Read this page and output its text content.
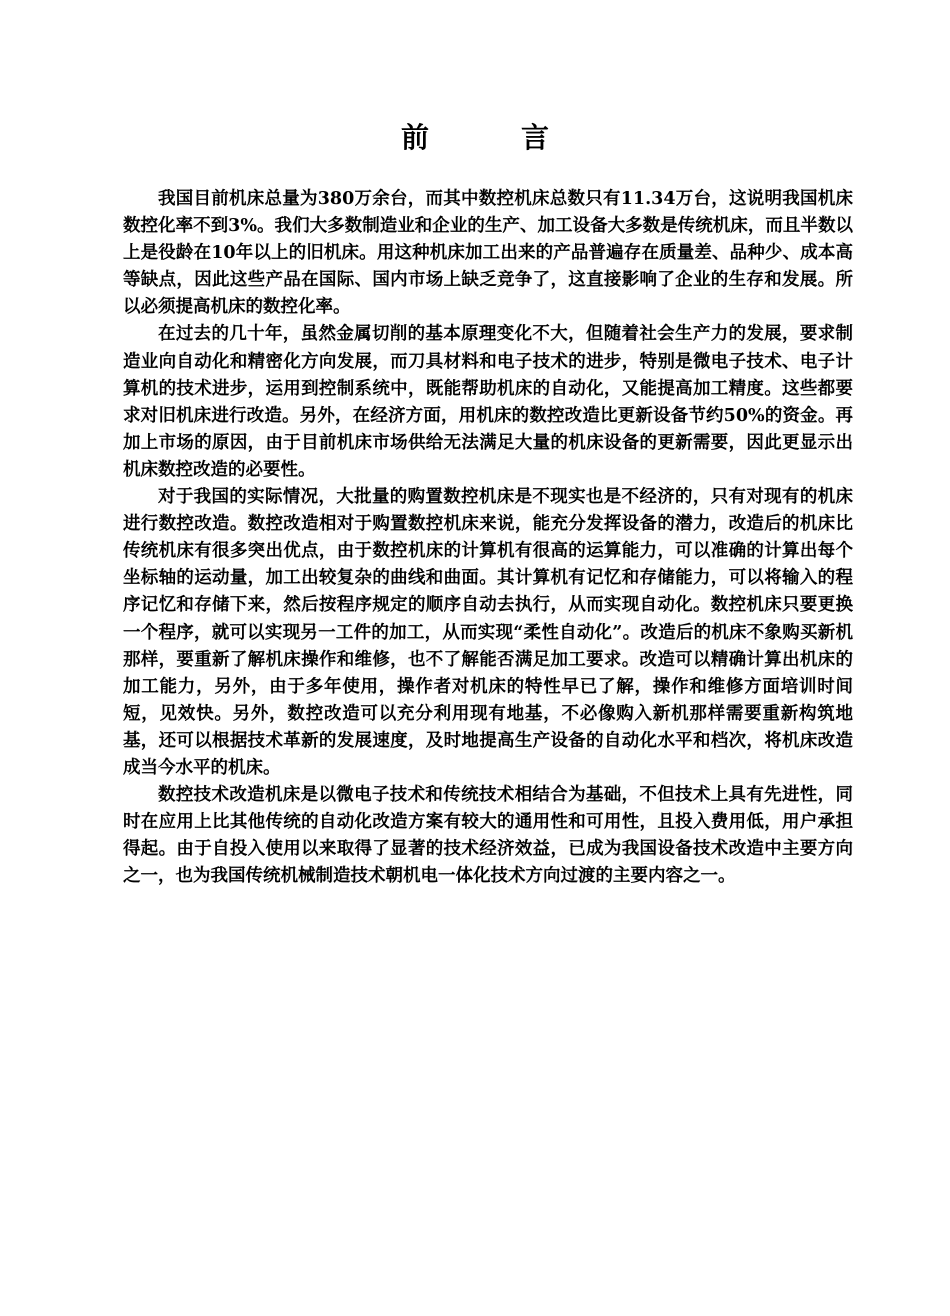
前　言

我国目前机床总量为380万余台，而其中数控机床总数只有11.34万台，这说明我国机床数控化率不到3%。我们大多数制造业和企业的生产、加工设备大多数是传统机床，而且半数以上是役龄在10年以上的旧机床。用这种机床加工出来的产品普遍存在质量差、品种少、成本高等缺点，因此这些产品在国际、国内市场上缺乏竞争了，这直接影响了企业的生存和发展。所以必须提高机床的数控化率。

在过去的几十年，虽然金属切削的基本原理变化不大，但随着社会生产力的发展，要求制造业向自动化和精密化方向发展，而刀具材料和电子技术的进步，特别是微电子技术、电子计算机的技术进步，运用到控制系统中，既能帮助机床的自动化，又能提高加工精度。这些都要求对旧机床进行改造。另外，在经济方面，用机床的数控改造比更新设备节约50%的资金。再加上市场的原因，由于目前机床市场供给无法满足大量的机床设备的更新需要，因此更显示出机床数控改造的必要性。

对于我国的实际情况，大批量的购置数控机床是不现实也是不经济的，只有对现有的机床进行数控改造。数控改造相对于购置数控机床来说，能充分发挥设备的潜力，改造后的机床比传统机床有很多突出优点，由于数控机床的计算机有很高的运算能力，可以准确的计算出每个坐标轴的运动量，加工出较复杂的曲线和曲面。其计算机有记忆和存储能力，可以将输入的程序记忆和存储下来，然后按程序规定的顺序自动去执行，从而实现自动化。数控机床只要更换一个程序，就可以实现另一工件的加工，从而实现“柔性自动化”。改造后的机床不象购买新机那样，要重新了解机床操作和维修，也不了解能否满足加工要求。改造可以精确计算出机床的加工能力，另外，由于多年使用，操作者对机床的特性早已了解，操作和维修方面培训时间短，见效快。另外，数控改造可以充分利用现有地基，不必像购入新机那样需要重新构筑地基，还可以根据技术革新的发展速度，及时地提高生产设备的自动化水平和档次，将机床改造成当今水平的机床。

数控技术改造机床是以微电子技术和传统技术相结合为基础，不但技术上具有先进性，同时在应用上比其他传统的自动化改造方案有较大的通用性和可用性，且投入费用低，用户承担得起。由于自投入使用以来取得了显著的技术经济效益，已成为我国设备技术改造中主要方向之一，也为我国传统机械制造技术朝机电一体化技术方向过渡的主要内容之一。
